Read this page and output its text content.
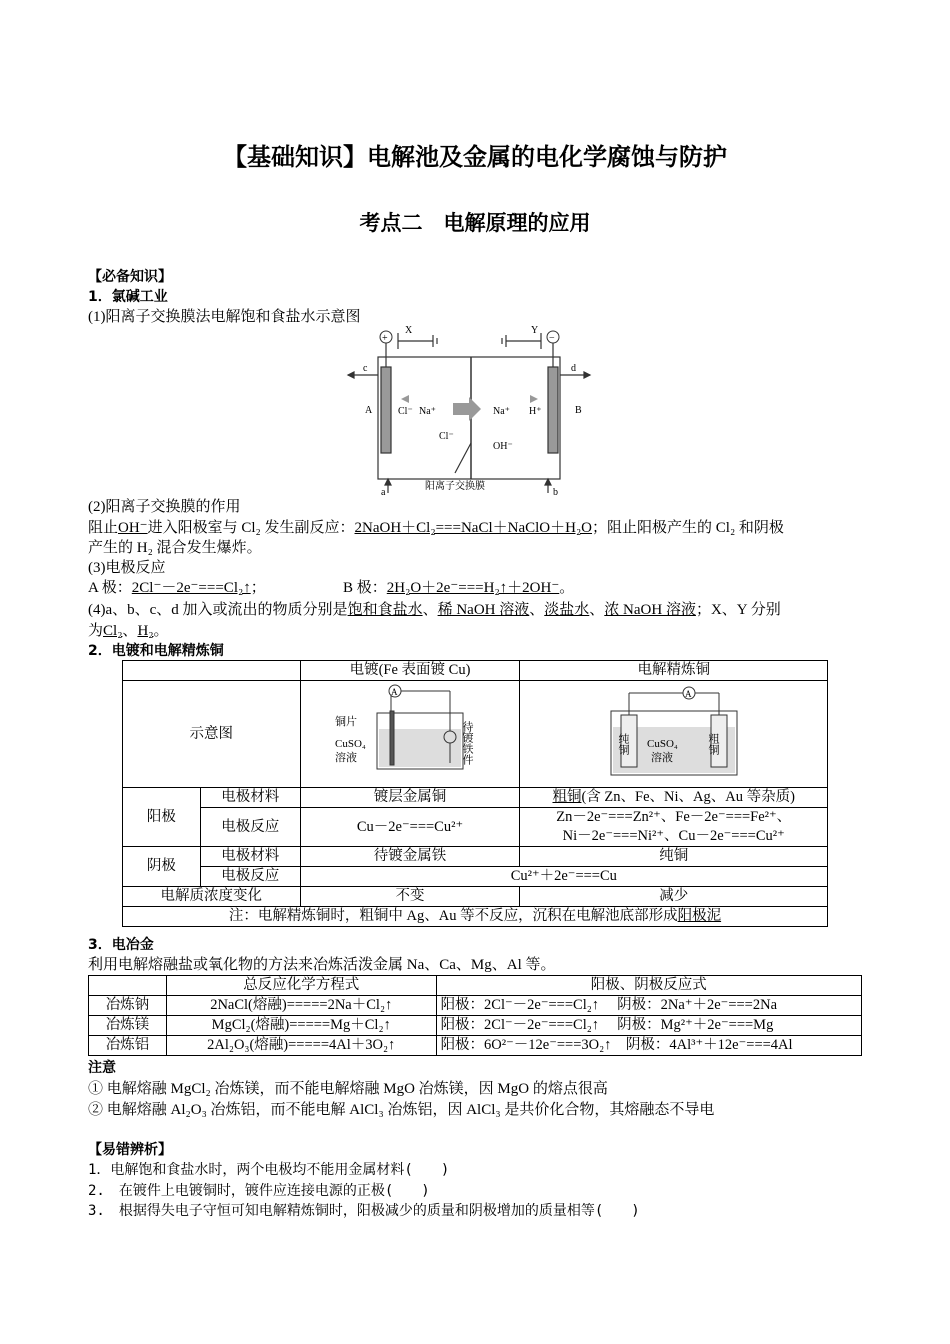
【基础知识】电解池及金属的电化学腐蚀与防护
考点二　电解原理的应用
【必备知识】
1．氯碱工业
(1)阳离子交换膜法电解饱和食盐水示意图
+	−
X	Y
c	d
A	B
a	b
Cl⁻ Na⁺
Cl⁻
Na⁺ H⁺
OH⁻
阳离子交换膜
(2)阳离子交换膜的作用
阻止OH⁻进入阳极室与 Cl₂ 发生副反应：2NaOH＋Cl₂===NaCl＋NaClO＋H₂O；阻止阳极产生的 Cl₂ 和阴极
产生的 H₂ 混合发生爆炸。
(3)电极反应
A 极：2Cl⁻－2e⁻===Cl₂↑；	B 极：2H₂O＋2e⁻===H₂↑＋2OH⁻。
(4)a、b、c、d 加入或流出的物质分别是饱和食盐水、稀 NaOH 溶液、淡盐水、浓 NaOH 溶液；X、Y 分别
为Cl₂、H₂。
2．电镀和电解精炼铜
		电镀(Fe 表面镀 Cu)	电解精炼铜
示意图		A
铜片
CuSO₄
溶液 待镀铁件	A
纯铜 粗铜
CuSO₄
溶液

阳极	电极材料	镀层金属铜	粗铜(含 Zn、Fe、Ni、Ag、Au 等杂质)
	电极反应	Cu－2e⁻===Cu²⁺	Zn－2e⁻===Zn²⁺、Fe－2e⁻===Fe²⁺、
Ni－2e⁻===Ni²⁺、Cu－2e⁻===Cu²⁺

阴极	电极材料	待镀金属铁	纯铜
	电极反应	Cu²⁺＋2e⁻===Cu	
电解质浓度变化		不变	减少
注：电解精炼铜时，粗铜中 Ag、Au 等不反应，沉积在电解池底部形成阳极泥			
3．电冶金
利用电解熔融盐或氧化物的方法来冶炼活泼金属 Na、Ca、Mg、Al 等。
	总反应化学方程式	阳极、阴极反应式
冶炼钠	2NaCl(熔融)=====2Na＋Cl₂↑	阳极：2Cl⁻－2e⁻===Cl₂↑　 阴极：2Na⁺＋2e⁻===2Na
冶炼镁	MgCl₂(熔融)=====Mg＋Cl₂↑	阳极：2Cl⁻－2e⁻===Cl₂↑　 阴极：Mg²⁺＋2e⁻===Mg
冶炼铝	2Al₂O₃(熔融)=====4Al＋3O₂↑	阳极：6O²⁻－12e⁻===3O₂↑　阴极：4Al³⁺＋12e⁻===4Al
注意
① 电解熔融 MgCl₂ 冶炼镁，而不能电解熔融 MgO 冶炼镁，因 MgO 的熔点很高
② 电解熔融 Al₂O₃ 冶炼铝，而不能电解 AlCl₃ 冶炼铝，因 AlCl₃ 是共价化合物，其熔融态不导电
【易错辨析】
1．电解饱和食盐水时，两个电极均不能用金属材料(　　)
2.　在镀件上电镀铜时，镀件应连接电源的正极(　　)
3.　根据得失电子守恒可知电解精炼铜时，阳极减少的质量和阴极增加的质量相等(　　)
